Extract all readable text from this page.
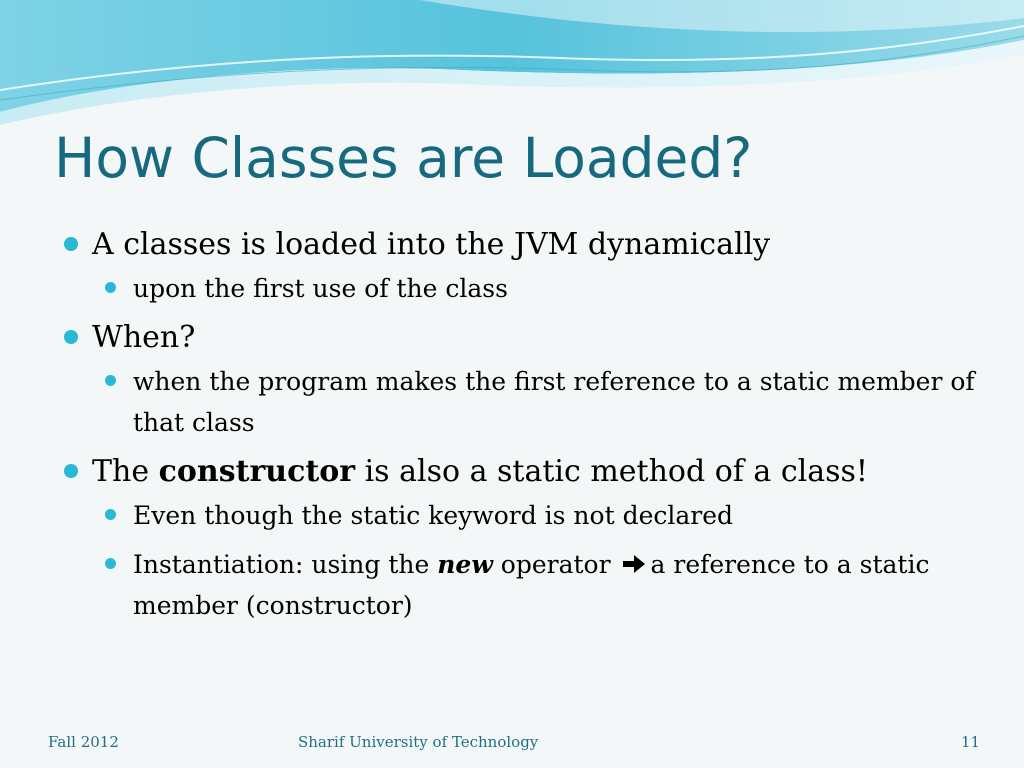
How Classes are Loaded?
A classes is loaded into the JVM dynamically
upon the first use of the class
When?
when the program makes the first reference to a static member of that class
The constructor is also a static method of a class!
Even though the static keyword is not declared
Instantiation: using the new operator a reference to a static member (constructor)
Fall 2012	Sharif University of Technology	11
